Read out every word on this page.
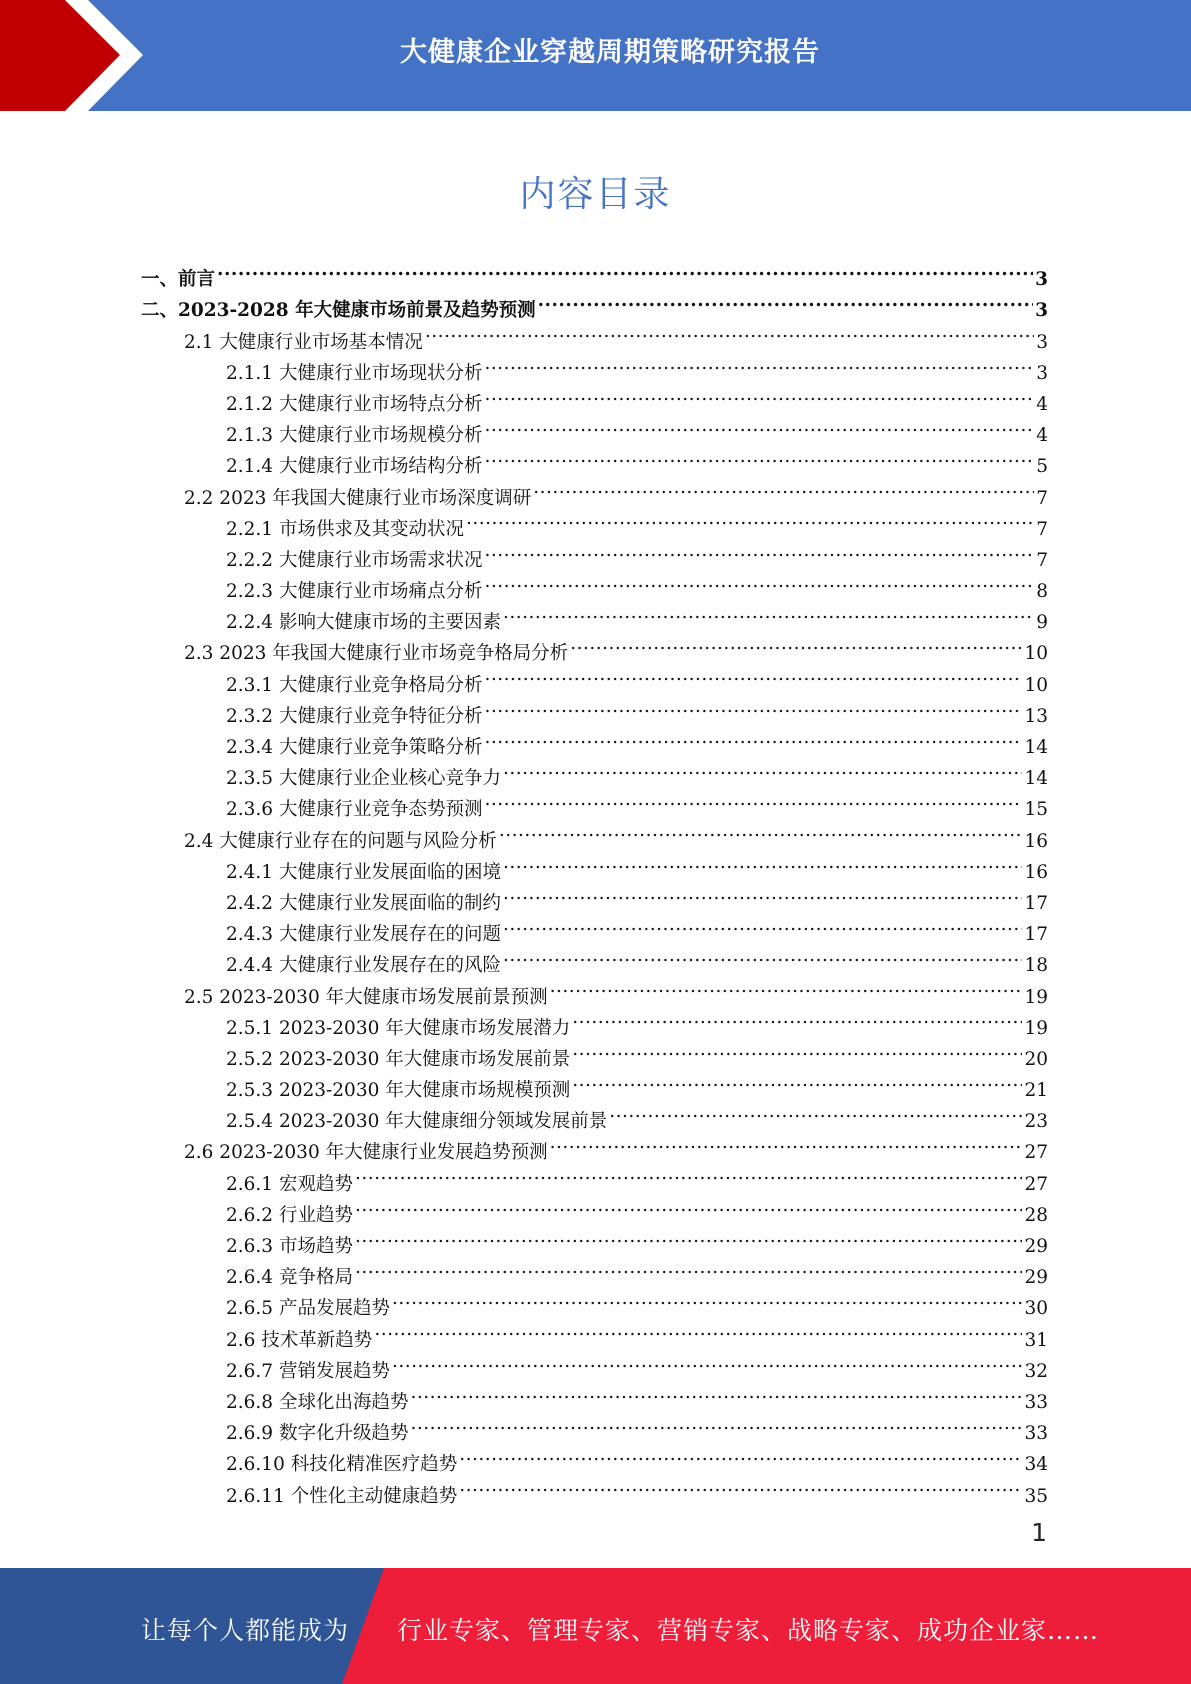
大健康企业穿越周期策略研究报告
内容目录
一、前言 .....	3
二、2023-2028 年大健康市场前景及趋势预测 .....	3
2.1 大健康行业市场基本情况 .....	3
2.1.1 大健康行业市场现状分析 .....	3
2.1.2 大健康行业市场特点分析 .....	4
2.1.3 大健康行业市场规模分析 .....	4
2.1.4 大健康行业市场结构分析 .....	5
2.2 2023 年我国大健康行业市场深度调研 .....	7
2.2.1 市场供求及其变动状况 .....	7
2.2.2 大健康行业市场需求状况 .....	7
2.2.3 大健康行业市场痛点分析 .....	8
2.2.4 影响大健康市场的主要因素 .....	9
2.3 2023 年我国大健康行业市场竞争格局分析 .....	10
2.3.1 大健康行业竞争格局分析 .....	10
2.3.2 大健康行业竞争特征分析 .....	13
2.3.4 大健康行业竞争策略分析 .....	14
2.3.5 大健康行业企业核心竞争力 .....	14
2.3.6 大健康行业竞争态势预测 .....	15
2.4 大健康行业存在的问题与风险分析 .....	16
2.4.1 大健康行业发展面临的困境 .....	16
2.4.2 大健康行业发展面临的制约 .....	17
2.4.3 大健康行业发展存在的问题 .....	17
2.4.4 大健康行业发展存在的风险 .....	18
2.5 2023-2030 年大健康市场发展前景预测 .....	19
2.5.1 2023-2030 年大健康市场发展潜力 .....	19
2.5.2 2023-2030 年大健康市场发展前景 .....	20
2.5.3 2023-2030 年大健康市场规模预测 .....	21
2.5.4 2023-2030 年大健康细分领域发展前景 .....	23
2.6 2023-2030 年大健康行业发展趋势预测 .....	27
2.6.1 宏观趋势 .....	27
2.6.2 行业趋势 .....	28
2.6.3 市场趋势 .....	29
2.6.4 竞争格局 .....	29
2.6.5 产品发展趋势 .....	30
2.6 技术革新趋势 .....	31
2.6.7 营销发展趋势 .....	32
2.6.8 全球化出海趋势 .....	33
2.6.9 数字化升级趋势 .....	33
2.6.10 科技化精准医疗趋势 .....	34
2.6.11 个性化主动健康趋势 .....	35
1
让每个人都能成为 行业专家、管理专家、营销专家、战略专家、成功企业家……
